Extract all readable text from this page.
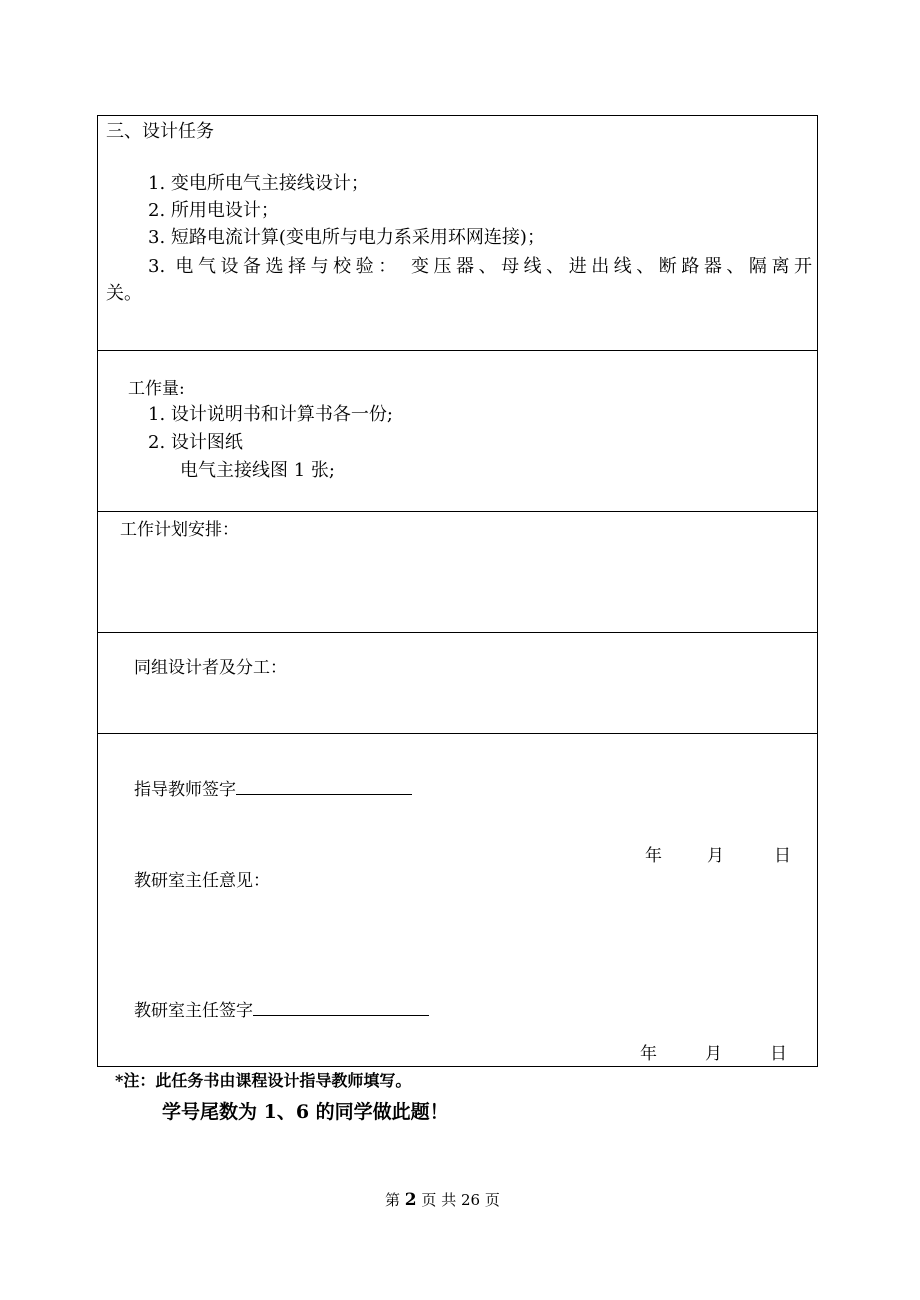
三、设计任务
1. 变电所电气主接线设计；
2. 所用电设计；
3. 短路电流计算(变电所与电力系采用环网连接)；
3. 电气设备选择与校验： 变压器、母线、进出线、断路器、隔离开
关。
工作量:
1. 设计说明书和计算书各一份;
2. 设计图纸
电气主接线图 1 张;
工作计划安排：
同组设计者及分工：
指导教师签字
年	月	日
教研室主任意见：
教研室主任签字
年	月	日
*注：此任务书由课程设计指导教师填写。
学号尾数为 1、6 的同学做此题！
第 2 页 共 26 页
